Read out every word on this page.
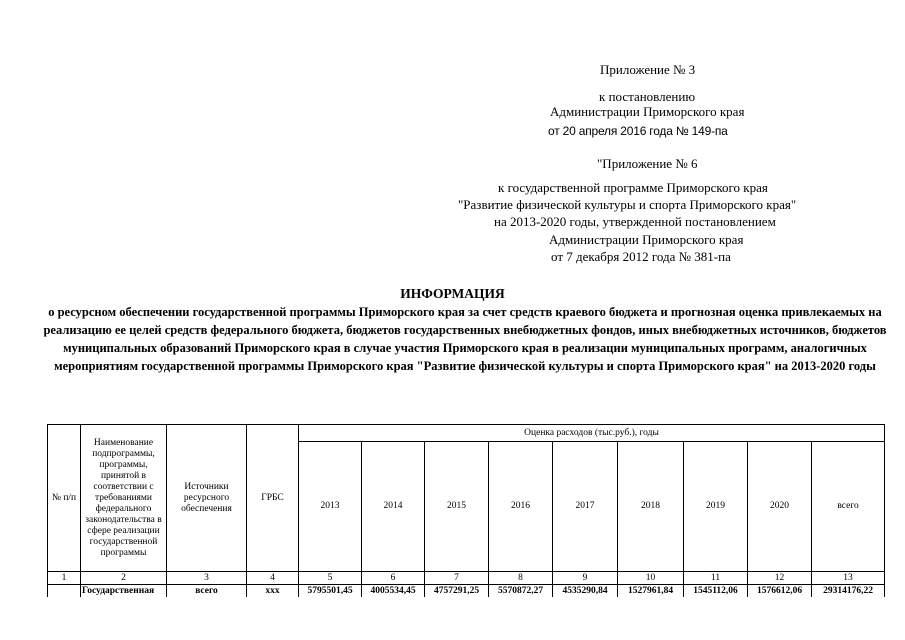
Приложение № 3
к постановлению
Администрации Приморского края
от 20 апреля 2016 года № 149-па
"Приложение № 6
к государственной программе Приморского края
"Развитие физической культуры и спорта Приморского края"
на 2013-2020 годы, утвержденной постановлением
Администрации Приморского края
от 7 декабря 2012 года № 381-па
ИНФОРМАЦИЯ
о ресурсном обеспечении государственной программы Приморского края за счет средств краевого бюджета и прогнозная оценка привлекаемых на реализацию ее целей средств федерального бюджета, бюджетов государственных внебюджетных фондов, иных внебюджетных источников, бюджетов муниципальных образований Приморского края в случае участия Приморского края в реализации муниципальных программ, аналогичных мероприятиям государственной программы Приморского края "Развитие физической культуры и спорта Приморского края" на 2013-2020 годы
№ п/п	Наименование подпрограммы, программы, принятой в соответствии с требованиями федерального законодательства в сфере реализации государственной программы	Источники ресурсного обеспечения	ГРБС	Оценка расходов (тыс.руб.), годы								
				2013	2014	2015	2016	2017	2018	2019	2020	всего
1	2	3	4	5	6	7	8	9	10	11	12	13
	Государственная	всего	ххх	5795501,45	4005534,45	4757291,25	5570872,27	4535290,84	1527961,84	1545112,06	1576612,06	29314176,22
